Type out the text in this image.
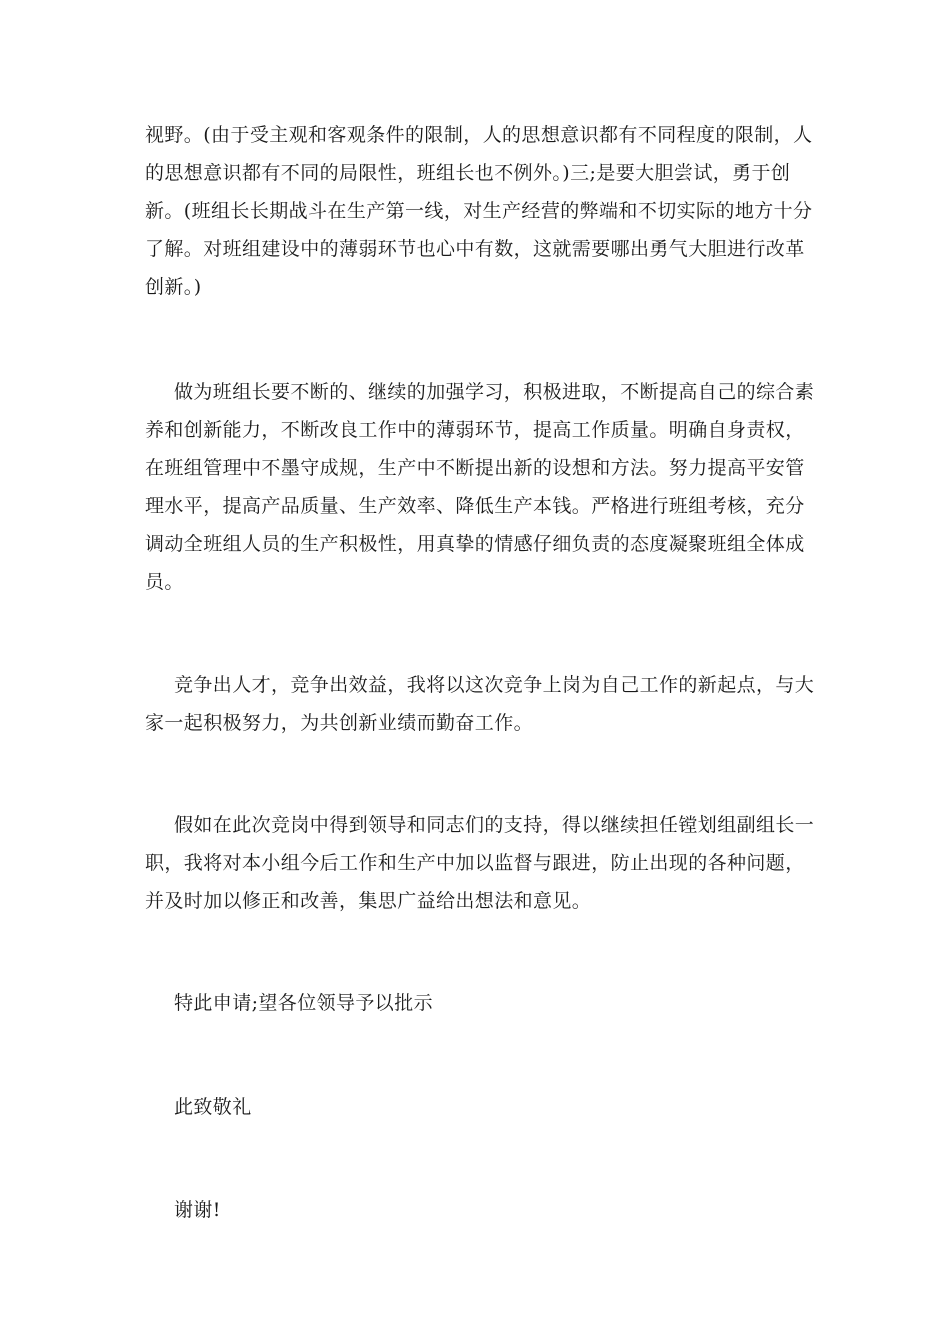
视野。(由于受主观和客观条件的限制，人的思想意识都有不同程度的限制，人
的思想意识都有不同的局限性，班组长也不例外。)三;是要大胆尝试，勇于创
新。(班组长长期战斗在生产第一线，对生产经营的弊端和不切实际的地方十分
了解。对班组建设中的薄弱环节也心中有数，这就需要哪出勇气大胆进行改革
创新。)
做为班组长要不断的、继续的加强学习，积极进取，不断提高自己的综合素
养和创新能力，不断改良工作中的薄弱环节，提高工作质量。明确自身责权，
在班组管理中不墨守成规，生产中不断提出新的设想和方法。努力提高平安管
理水平，提高产品质量、生产效率、降低生产本钱。严格进行班组考核，充分
调动全班组人员的生产积极性，用真挚的情感仔细负责的态度凝聚班组全体成
员。
竞争出人才，竞争出效益，我将以这次竞争上岗为自己工作的新起点，与大
家一起积极努力，为共创新业绩而勤奋工作。
假如在此次竞岗中得到领导和同志们的支持，得以继续担任镗划组副组长一
职，我将对本小组今后工作和生产中加以监督与跟进，防止出现的各种问题，
并及时加以修正和改善，集思广益给出想法和意见。
特此申请;望各位领导予以批示
此致敬礼
谢谢!
